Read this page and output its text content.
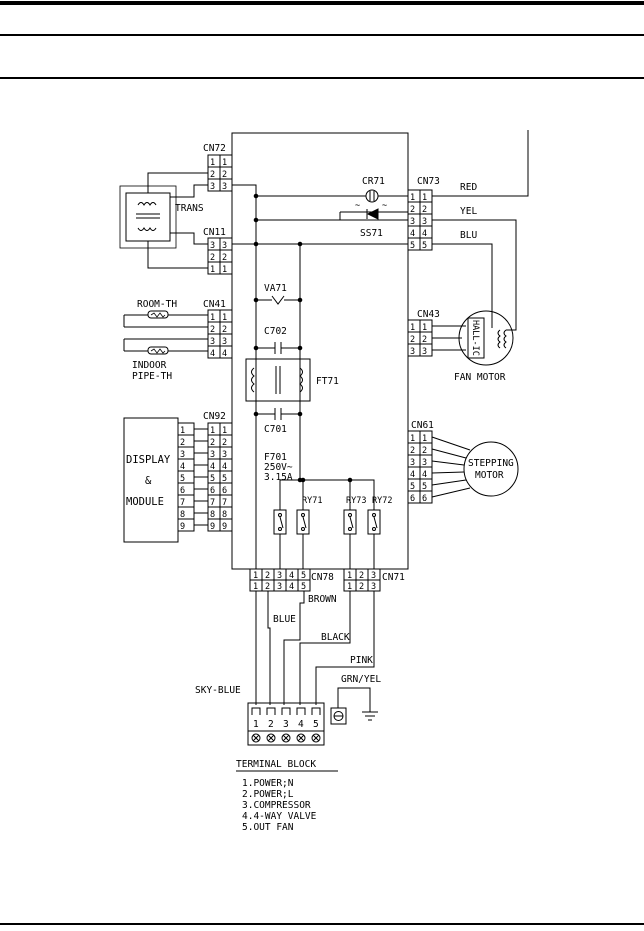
CN72
1 1
2 2
3 3
TRANS
CN11
3 3
2 2
1 1
CN41
1 1
2 2
3 3
4 4
ROOM-TH
INDOOR
PIPE-TH
DISPLAY
&
MODULE
1
2
3
4
5
6
7
8
9
CN92
1 1
2 2
3 3
4 4
5 5
6 6
7 7
8 8
9 9
CR71
~	~
SS71
VA71
C702
FT71
C701
F701
250V~
3.15A
RY71	RY73 RY72
CN73
1 1
2 2
3 3
4 4
5 5
RED
YEL
BLU
CN43
1 1
2 2
3 3	HALL-IC
FAN MOTOR
CN61
1 1
2 2
3 3
4 4
5 5
6 6
STEPPING
MOTOR
1 2 3 4 5
1 2 3 4 5
CN78 1 2 3
1 2 3
CN71
BROWN
BLUE
BLACK
PINK
SKY-BLUE
GRN/YEL
1 2 3 4 5
TERMINAL BLOCK
1.POWER;N
2.POWER;L
3.COMPRESSOR
4.4-WAY VALVE
5.OUT FAN
